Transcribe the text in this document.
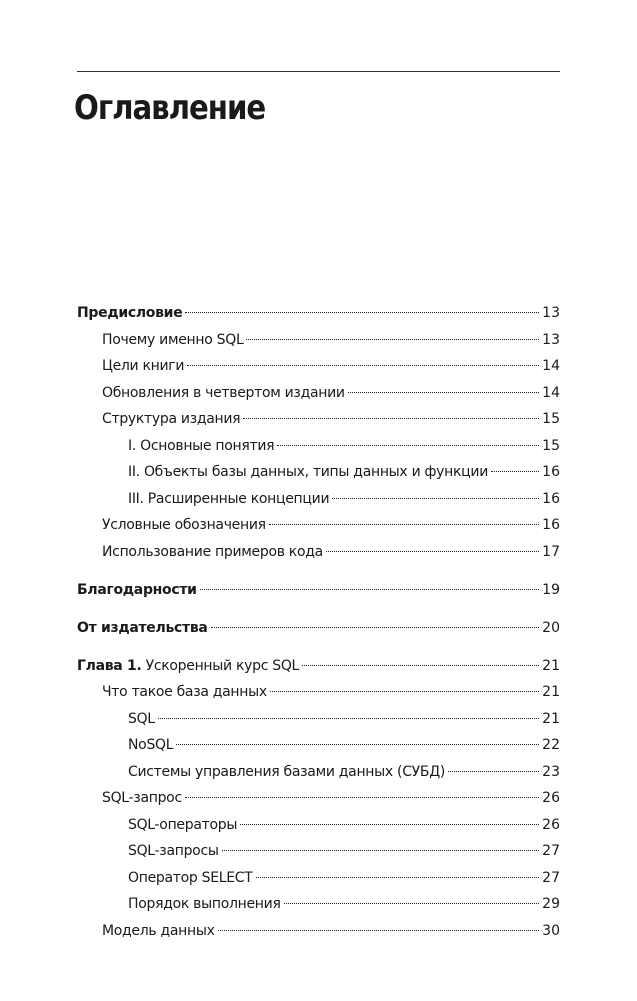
Оглавление
Предисловие	13
Почему именно SQL	13
Цели книги	14
Обновления в четвертом издании	14
Структура издания	15
I. Основные понятия	15
II. Объекты базы данных, типы данных и функции	16
III. Расширенные концепции	16
Условные обозначения	16
Использование примеров кода	17
Благодарности	19
От издательства	20
Глава 1. Ускоренный курс SQL	21
Что такое база данных	21
SQL	21
NoSQL	22
Системы управления базами данных (СУБД)	23
SQL-запрос	26
SQL-операторы	26
SQL-запросы	27
Оператор SELECT	27
Порядок выполнения	29
Модель данных	30
